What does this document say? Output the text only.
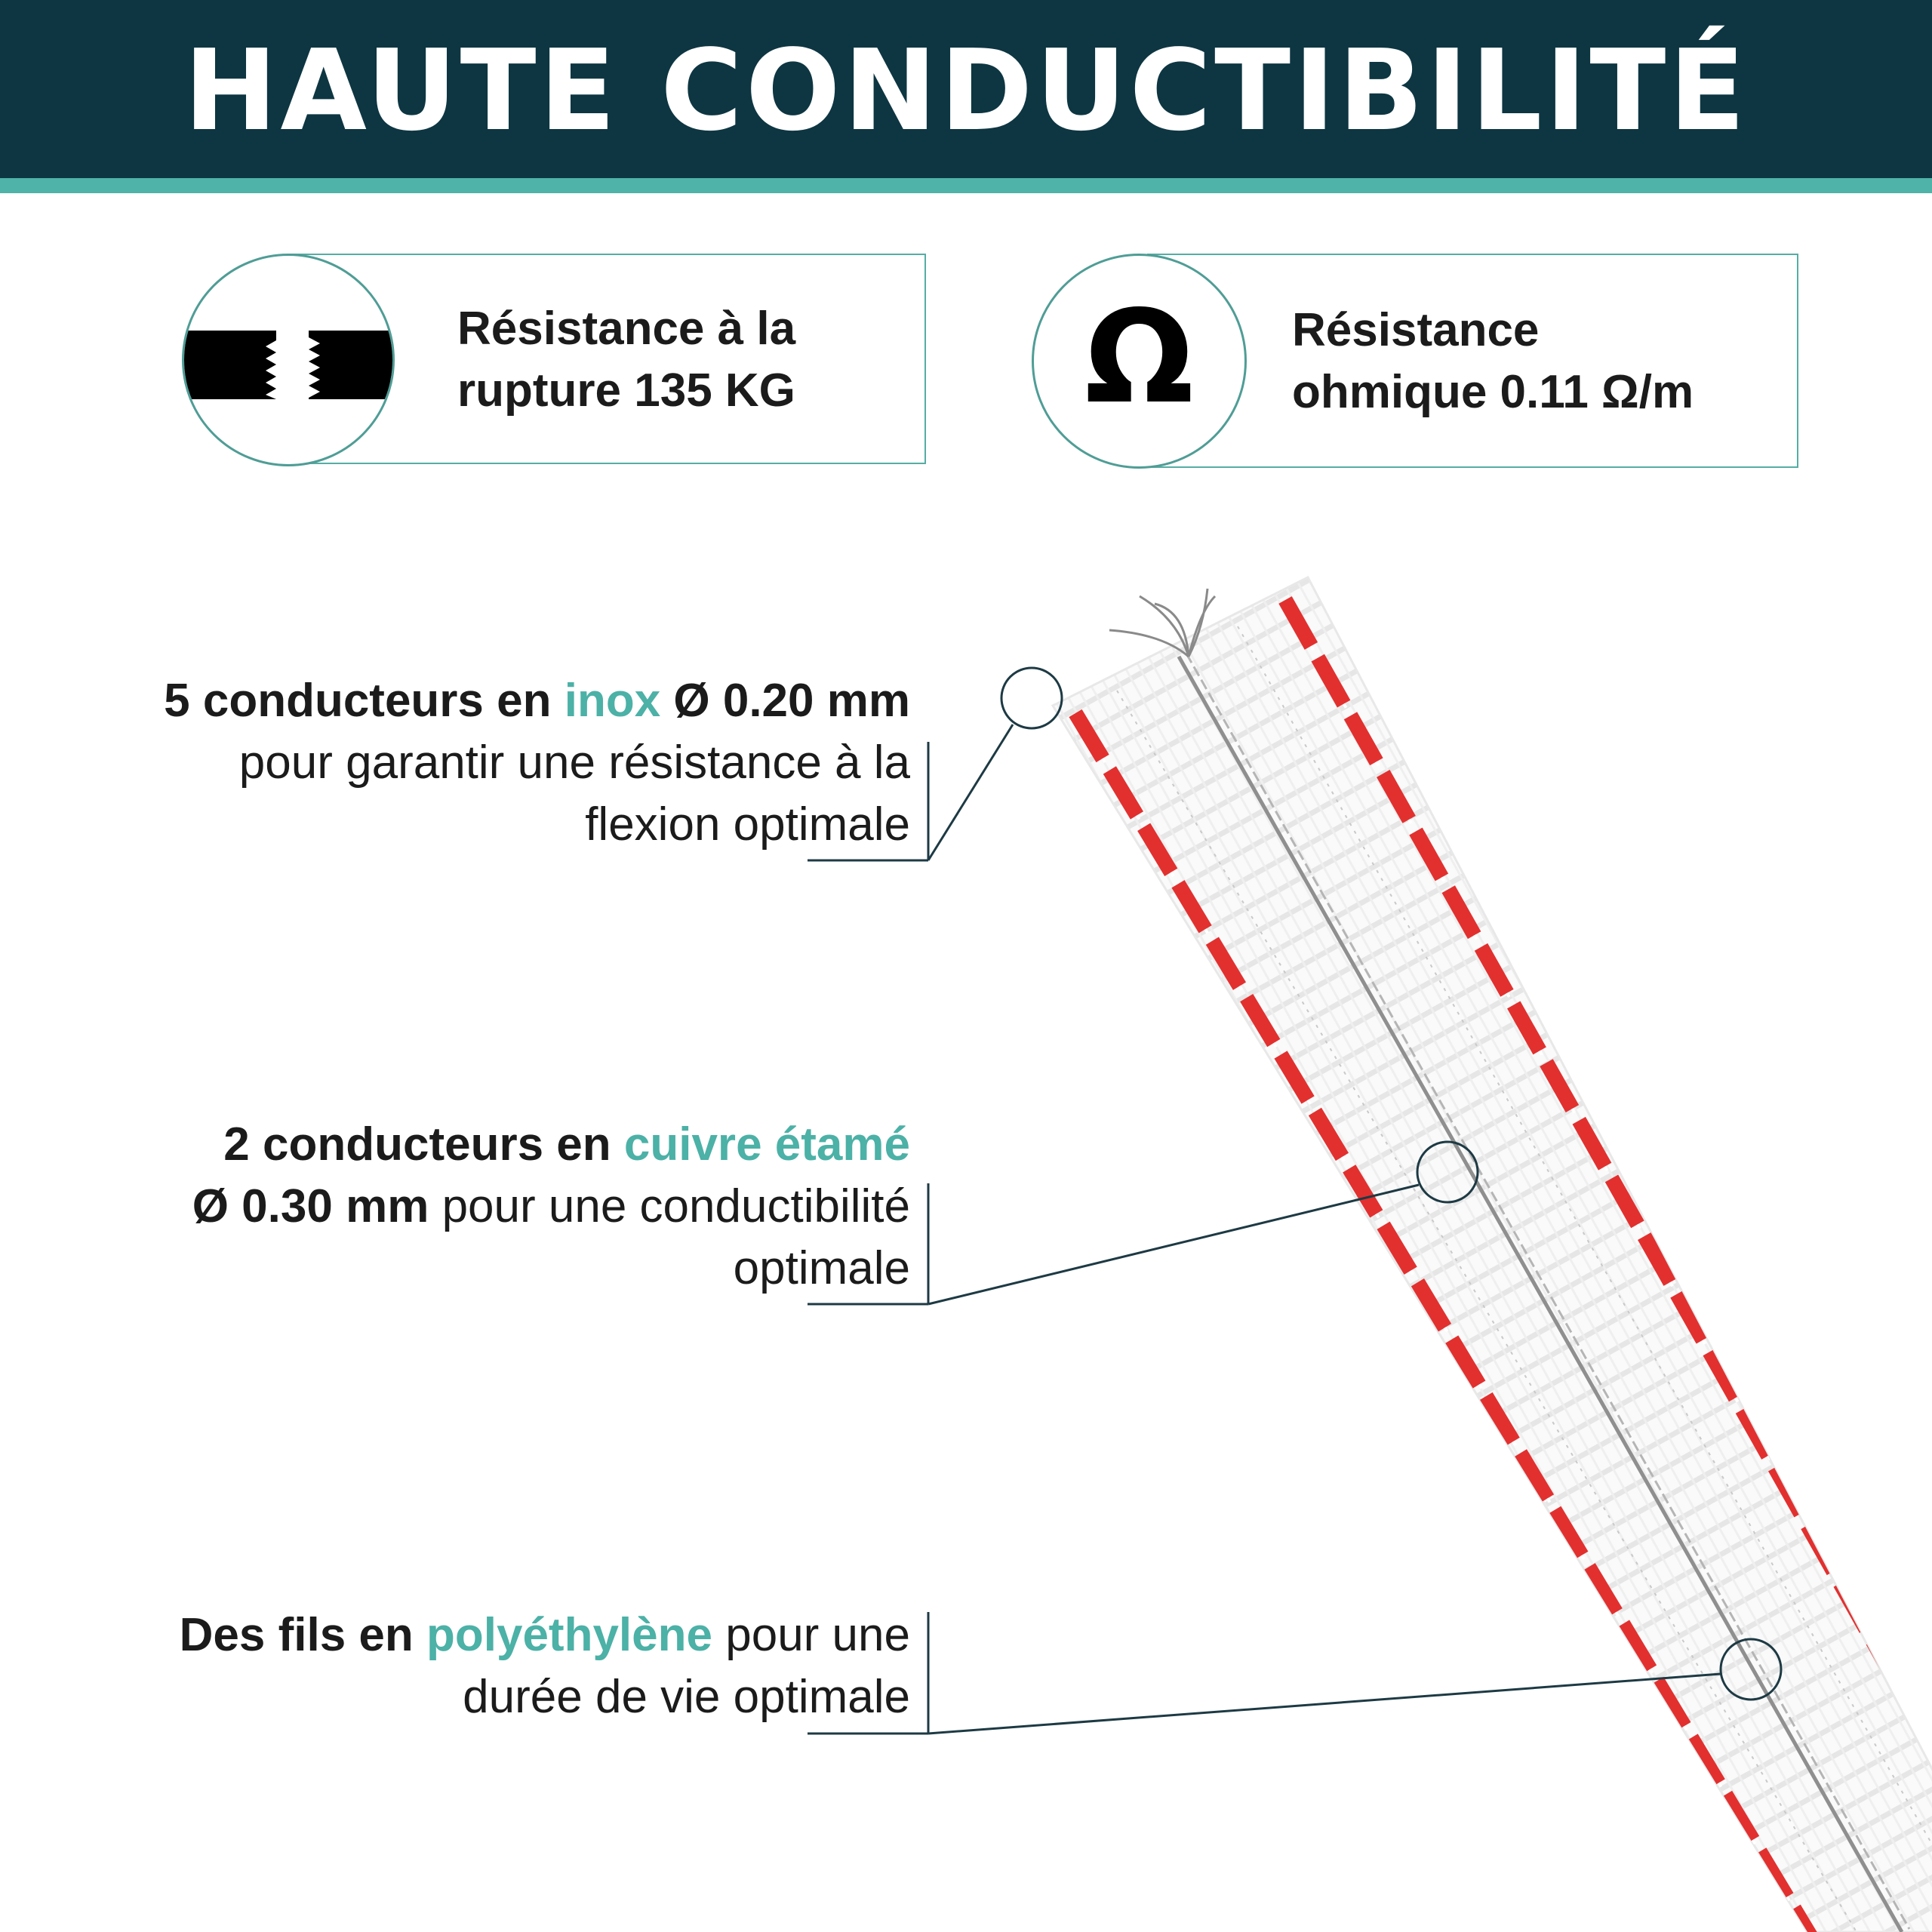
HAUTE CONDUCTIBILITÉ
Résistance à la
rupture 135 KG	Ω	Résistance
ohmique 0.11 Ω/m
5 conducteurs en inox Ø 0.20 mm
pour garantir une résistance à la
flexion optimale
2 conducteurs en cuivre étamé
Ø 0.30 mm pour une conductibilité
optimale
Des fils en polyéthylène pour une
durée de vie optimale
